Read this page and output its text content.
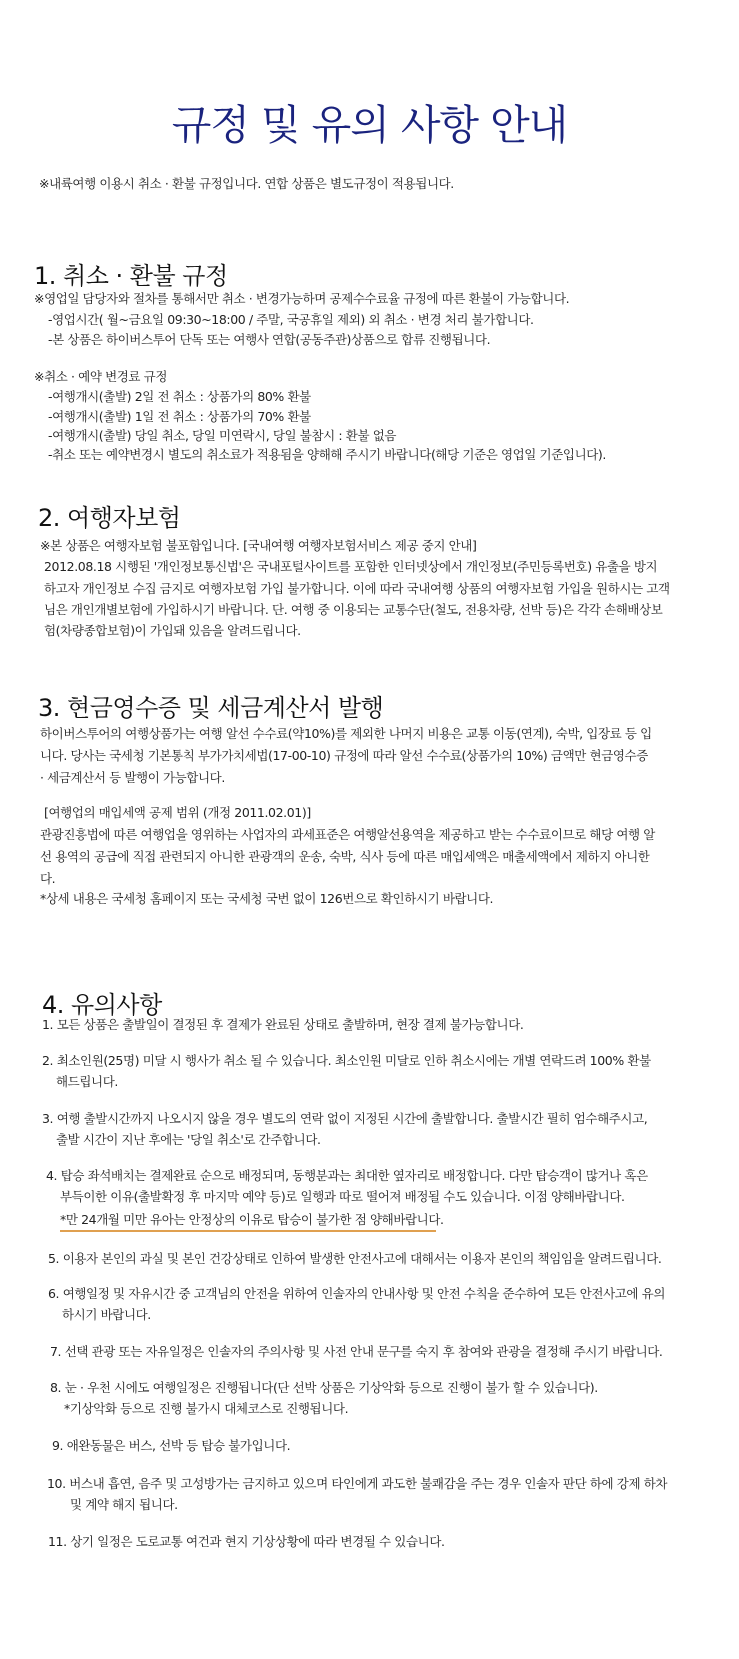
규정 및 유의 사항 안내
※내륙여행 이용시 취소 · 환불 규정입니다. 연합 상품은 별도규정이 적용됩니다.
1. 취소 · 환불 규정
※영업일 담당자와 절차를 통해서만 취소 · 변경가능하며 공제수수료율 규정에 따른 환불이 가능합니다.
-영업시간( 월~금요일 09:30~18:00 / 주말, 국공휴일 제외) 외 취소 · 변경 처리 불가합니다.
-본 상품은 하이버스투어 단독 또는 여행사 연합(공동주관)상품으로 합류 진행됩니다.
※취소 · 예약 변경료 규정
-여행개시(출발) 2일 전 취소 : 상품가의 80% 환불
-여행개시(출발) 1일 전 취소 : 상품가의 70% 환불
-여행개시(출발) 당일 취소, 당일 미연락시, 당일 불참시 : 환불 없음
-취소 또는 예약변경시 별도의 취소료가 적용됨을 양해해 주시기 바랍니다(해당 기준은 영업일 기준입니다).
2. 여행자보험
※본 상품은 여행자보험 불포함입니다. [국내여행 여행자보험서비스 제공 중지 안내]
2012.08.18 시행된 '개인정보통신법'은 국내포털사이트를 포함한 인터넷상에서 개인정보(주민등록번호) 유출을 방지
하고자 개인정보 수집 금지로 여행자보험 가입 불가합니다. 이에 따라 국내여행 상품의 여행자보험 가입을 원하시는 고객
님은 개인개별보험에 가입하시기 바랍니다. 단. 여행 중 이용되는 교통수단(철도, 전용차량, 선박 등)은 각각 손해배상보
험(차량종합보험)이 가입돼 있음을 알려드립니다.
3. 현금영수증 및 세금계산서 발행
하이버스투어의 여행상품가는 여행 알선 수수료(약10%)를 제외한 나머지 비용은 교통 이동(연계), 숙박, 입장료 등 입
니다. 당사는 국세청 기본통칙 부가가치세법(17-00-10) 규정에 따라 알선 수수료(상품가의 10%) 금액만 현금영수증
· 세금계산서 등 발행이 가능합니다.
[여행업의 매입세액 공제 범위 (개정 2011.02.01)]
관광진흥법에 따른 여행업을 영위하는 사업자의 과세표준은 여행알선용역을 제공하고 받는 수수료이므로 해당 여행 알
선 용역의 공급에 직접 관련되지 아니한 관광객의 운송, 숙박, 식사 등에 따른 매입세액은 매출세액에서 제하지 아니한
다.
*상세 내용은 국세청 홈페이지 또는 국세청 국번 없이 126번으로 확인하시기 바랍니다.
4. 유의사항
1. 모든 상품은 출발일이 결정된 후 결제가 완료된 상태로 출발하며, 현장 결제 불가능합니다.
2. 최소인원(25명) 미달 시 행사가 취소 될 수 있습니다. 최소인원 미달로 인하 취소시에는 개별 연락드려 100% 환불
해드립니다.
3. 여행 출발시간까지 나오시지 않을 경우 별도의 연락 없이 지정된 시간에 출발합니다. 출발시간 필히 엄수해주시고,
출발 시간이 지난 후에는 '당일 취소'로 간주합니다.
4. 탑승 좌석배치는 결제완료 순으로 배정되며, 동행분과는 최대한 옆자리로 배정합니다. 다만 탑승객이 많거나 혹은
부득이한 이유(출발확정 후 마지막 예약 등)로 일행과 따로 떨어져 배정될 수도 있습니다. 이점 양해바랍니다.
*만 24개월 미만 유아는 안정상의 이유로 탑승이 불가한 점 양해바랍니다.
5. 이용자 본인의 과실 및 본인 건강상태로 인하여 발생한 안전사고에 대해서는 이용자 본인의 책임임을 알려드립니다.
6. 여행일정 및 자유시간 중 고객님의 안전을 위하여 인솔자의 안내사항 및 안전 수칙을 준수하여 모든 안전사고에 유의
하시기 바랍니다.
7. 선택 관광 또는 자유일정은 인솔자의 주의사항 및 사전 안내 문구를 숙지 후 참여와 관광을 결정해 주시기 바랍니다.
8. 눈 · 우천 시에도 여행일정은 진행됩니다(단 선박 상품은 기상악화 등으로 진행이 불가 할 수 있습니다).
*기상악화 등으로 진행 불가시 대체코스로 진행됩니다.
9. 애완동물은 버스, 선박 등 탑승 불가입니다.
10. 버스내 흡연, 음주 및 고성방가는 금지하고 있으며 타인에게 과도한 불쾌감을 주는 경우 인솔자 판단 하에 강제 하차
및 계약 해지 됩니다.
11. 상기 일정은 도로교통 여건과 현지 기상상황에 따라 변경될 수 있습니다.
